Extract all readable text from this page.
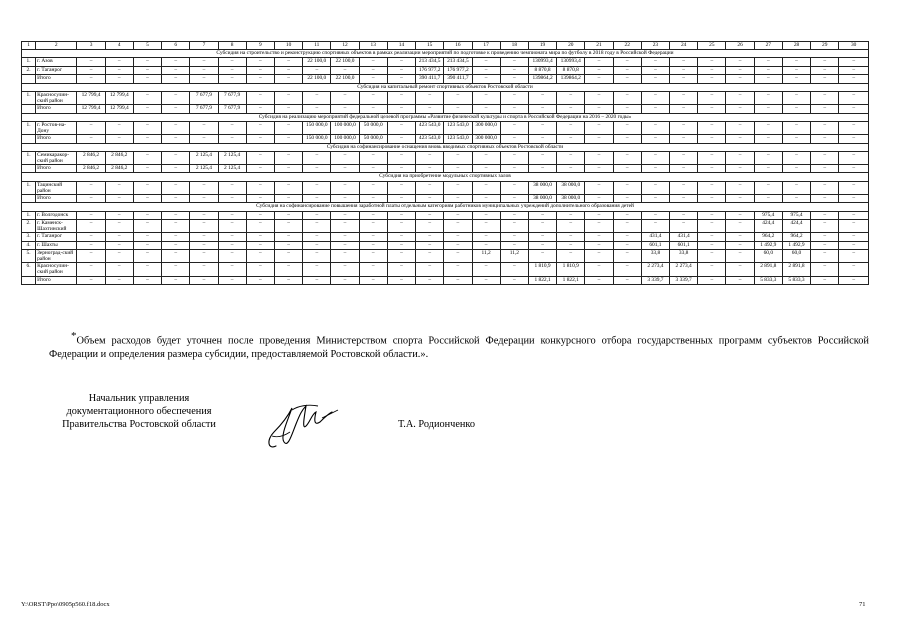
1	2	3	4	5	6	7	8	9	10	11	12	13	14	15	16	17	18	19	20	21	22	23	24	25	26	27	28	29	30
Субсидия на строительство и реконструкцию спортивных объектов в рамках реализации мероприятий по подготовке к проведению чемпионата мира по футболу в 2018 году в Российской Федерации																													
1.	г. Азов	–	–	–	–	–	–	–	–	22 100,0	22 100,0	–	–	213 434,5	213 434,5	–	–	130993,4	130993,4	–	–	–	–	–	–	–	–	–	–
2.	г. Таганрог	–	–	–	–	–	–	–	–	–	–	–	–	176 977,2	176 977,2	–	–	8 870,8	8 870,8	–	–	–	–	–	–	–	–	–	–
	Итого	–	–	–	–	–	–	–	–	22 100,0	22 100,0	–	–	390 411,7	390 411,7	–	–	139864,2	139864,2	–	–	–	–	–	–	–	–	–	–
Субсидия на капитальный ремонт спортивных объектов Ростовской области																													
1.	Красносулин-ский район	12 799,4	12 799,4	–	–	7 677,9	7 677,9	–	–	–	–	–	–	–	–	–	–	–	–	–	–	–	–	–	–	–	–	–	–
	Итого	12 799,4	12 799,4	–	–	7 677,9	7 677,9	–	–	–	–	–	–	–	–	–	–	–	–	–	–	–	–	–	–	–	–	–	–
Субсидия на реализацию мероприятий федеральной целевой программы «Развитие физической культуры и спорта в Российской Федерации на 2016 – 2020 годы»																													
1.	г. Ростов-на-Дону	–	–	–	–	–	–	–	–	150 000,0	100 000,0	50 000,0	–	423 543,0	123 543,0	300 000,0	–	–	–	–	–	–	–	–	–	–	–	–	–
	Итого	–	–	–	–	–	–	–	–	150 000,0	100 000,0	50 000,0	–	423 543,0	123 543,0	300 000,0	–	–	–	–	–	–	–	–	–	–	–	–	–
Субсидия на софинансирование оснащения вновь вводимых спортивных объектов Ростовской области																													
1.	Семикаракор-ский район	2 846,2	2 846,2	–	–	2 125,4	2 125,4	–	–	–	–	–	–	–	–	–	–	–	–	–	–	–	–	–	–	–	–	–	–
	Итого	2 846,2	2 846,2	–	–	2 125,4	2 125,4	–	–	–	–	–	–	–	–	–	–	–	–	–	–	–	–	–	–	–	–	–	–
Субсидия на приобретение модульных спортивных залов																													
1.	Тацинский район	–	–	–	–	–	–	–	–	–	–	–	–	–	–	–	–	38 000,0	38 000,0	–	–	–	–	–	–	–	–	–	–
	Итого	–	–	–	–	–	–	–	–	–	–	–	–	–	–	–	–	38 000,0	38 000,0	–	–	–	–	–	–	–	–	–	–
Субсидия на софинансирование повышения заработной платы отдельным категориям работников муниципальных учреждений дополнительного образования детей																													
1.	г. Волгодонск	–	–	–	–	–	–	–	–	–	–	–	–	–	–	–	–	–	–	–	–	–	–	–	–	975,4	975,4	–	–
2.	г. Каменск-Шахтинский	–	–	–	–	–	–	–	–	–	–	–	–	–	–	–	–	–	–	–	–	–	–	–	–	424,4	424,4	–	–
3.	г. Таганрог	–	–	–	–	–	–	–	–	–	–	–	–	–	–	–	–	–	–	–	–	431,4	431,4	–	–	964,2	964,2	–	–
4.	г. Шахты	–	–	–	–	–	–	–	–	–	–	–	–	–	–	–	–	–	–	–	–	601,1	601,1	–	–	1 492,9	1 492,9	–	–
5.	Зерноград-ский район	–	–	–	–	–	–	–	–	–	–	–	–	–	–	11,2	11,2	–	–	–	–	33,8	33,8	–	–	60,0	60,0	–	–
6.	Красносулин-ский район	–	–	–	–	–	–	–	–	–	–	–	–	–	–	–	–	1 810,9	1 810,9	–	–	2 273,4	2 273,4	–	–	2 891,8	2 891,8	–	–
	Итого	–	–	–	–	–	–	–	–	–	–	–	–	–	–	–	–	1 822,1	1 822,1	–	–	3 339,7	3 339,7	–	–	5 833,3	5 833,3	–	–

*Объем расходов будет уточнен после проведения Министерством спорта Российской Федерации конкурсного отбора государственных программ субъектов Российской Федерации и определения размера субсидии, предоставляемой Ростовской области.».

Начальник управления
документационного обеспечения
Правительства Ростовской области	Т.А. Родионченко
Y:\ORST\Ppo\0905p560.f18.docx	71
